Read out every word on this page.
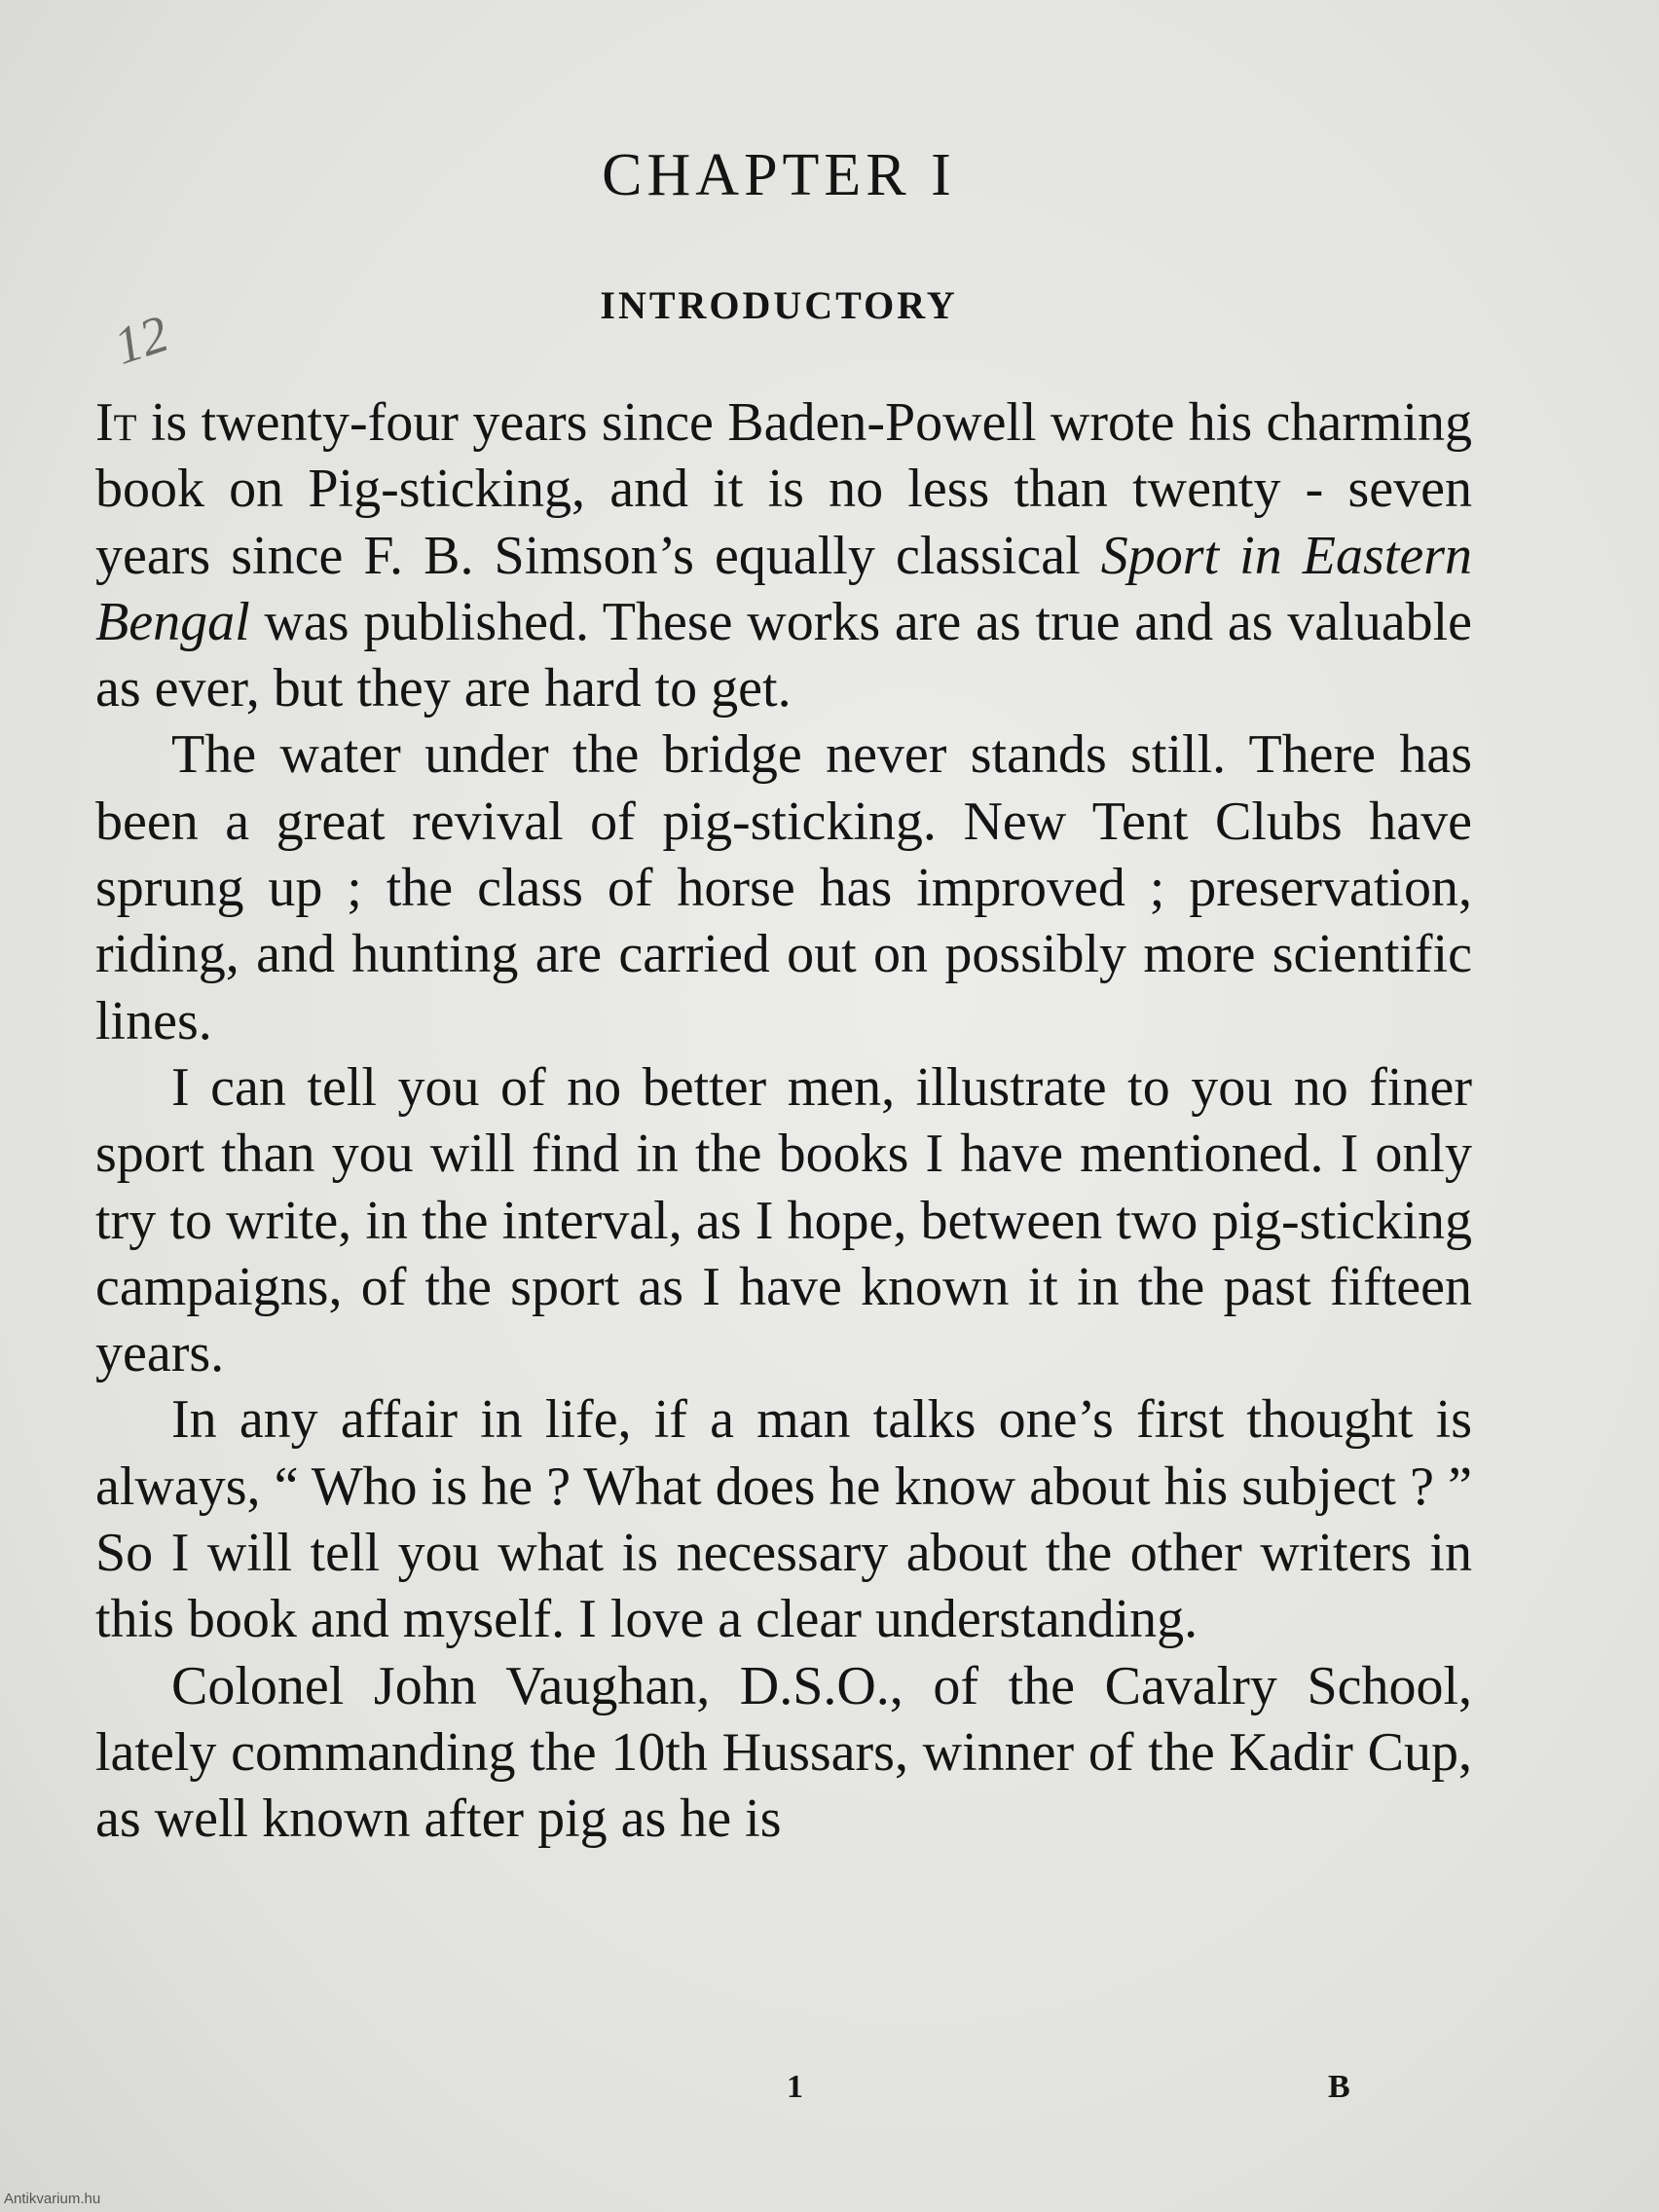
CHAPTER I
INTRODUCTORY
12

It is twenty-four years since Baden-Powell wrote his charming book on Pig-sticking, and it is no less than twenty - seven years since F. B. Simson’s equally classical Sport in Eastern Bengal was published. These works are as true and as valuable as ever, but they are hard to get.

The water under the bridge never stands still. There has been a great revival of pig-sticking. New Tent Clubs have sprung up ; the class of horse has improved ; preservation, riding, and hunting are carried out on possibly more scientific lines.

I can tell you of no better men, illustrate to you no finer sport than you will find in the books I have mentioned. I only try to write, in the interval, as I hope, between two pig-sticking campaigns, of the sport as I have known it in the past fifteen years.

In any affair in life, if a man talks one’s first thought is always, “ Who is he ? What does he know about his subject ? ” So I will tell you what is necessary about the other writers in this book and myself. I love a clear understanding.

Colonel John Vaughan, D.S.O., of the Cavalry School, lately commanding the 10th Hussars, winner of the Kadir Cup, as well known after pig as he is

1	B
Antikvarium.hu
